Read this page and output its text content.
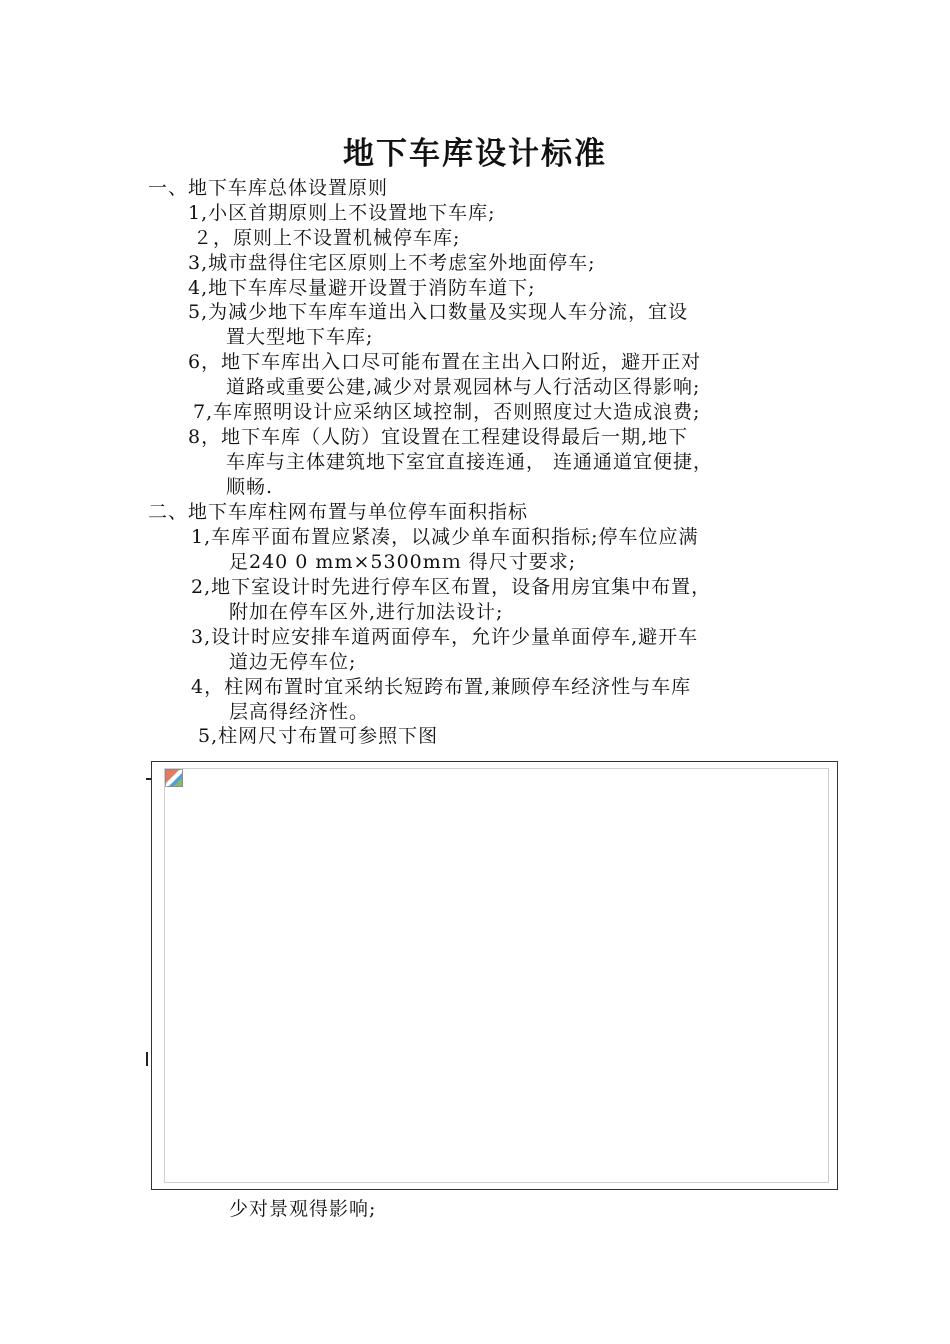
地下车库设计标准
一、地下车库总体设置原则
1,小区首期原则上不设置地下车库;
２，原则上不设置机械停车库;
3,城市盘得住宅区原则上不考虑室外地面停车;
4,地下车库尽量避开设置于消防车道下;
5,为减少地下车库车道出入口数量及实现人车分流，宜设
置大型地下车库;
6，地下车库出入口尽可能布置在主出入口附近，避开正对
道路或重要公建,减少对景观园林与人行活动区得影响;
7,车库照明设计应采纳区域控制，否则照度过大造成浪费;
8，地下车库（人防）宜设置在工程建设得最后一期,地下
车库与主体建筑地下室宜直接连通， 连通通道宜便捷，
顺畅.
二、地下车库柱网布置与单位停车面积指标
1,车库平面布置应紧凑，以减少单车面积指标;停车位应满
足240 0 mm×5300mｍ 得尺寸要求;
2,地下室设计时先进行停车区布置，设备用房宜集中布置，
附加在停车区外,进行加法设计;
3,设计时应安排车道两面停车，允许少量单面停车,避开车
道边无停车位;
4，柱网布置时宜采纳长短跨布置,兼顾停车经济性与车库
层高得经济性。
5,柱网尺寸布置可参照下图
少对景观得影响;
